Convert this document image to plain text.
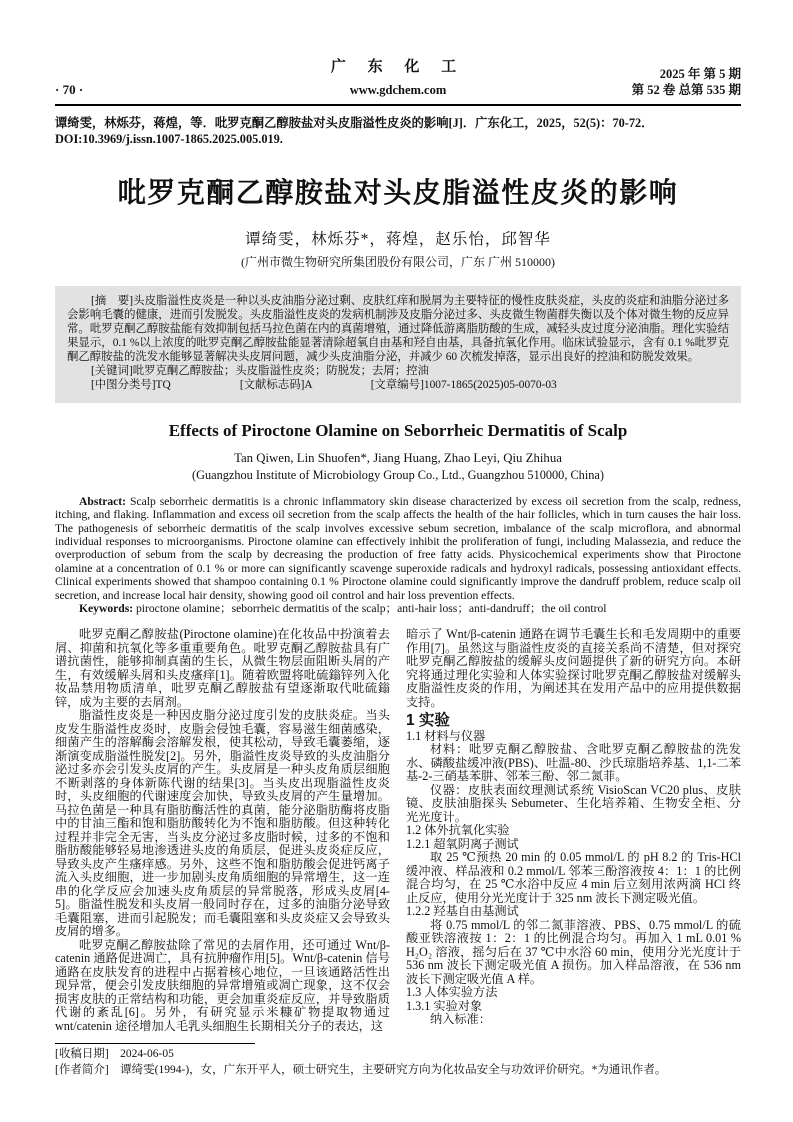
· 70 ·
广 东 化 工
www.gdchem.com
2025 年 第 5 期
第 52 卷 总第 535 期
谭绮雯，林烁芬，蒋煌，等．吡罗克酮乙醇胺盐对头皮脂溢性皮炎的影响[J]．广东化工，2025，52(5)：70-72．
DOI:10.3969/j.issn.1007-1865.2025.005.019.
吡罗克酮乙醇胺盐对头皮脂溢性皮炎的影响
谭绮雯，林烁芬*，蒋煌，赵乐怡，邱智华
(广州市微生物研究所集团股份有限公司，广东 广州 510000)

[摘　要]头皮脂溢性皮炎是一种以头皮油脂分泌过剩、皮肤红痒和脱屑为主要特征的慢性皮肤炎症，头皮的炎症和油脂分泌过多会影响毛囊的健康，进而引发脱发。头皮脂溢性皮炎的发病机制涉及皮脂分泌过多、头皮微生物菌群失衡以及个体对微生物的反应异常。吡罗克酮乙醇胺盐能有效抑制包括马拉色菌在内的真菌增殖，通过降低游离脂肪酸的生成，减轻头皮过度分泌油脂。理化实验结果显示，0.1 %以上浓度的吡罗克酮乙醇胺盐能显著清除超氧自由基和羟自由基，具备抗氧化作用。临床试验显示，含有 0.1 %吡罗克酮乙醇胺盐的洗发水能够显著解决头皮屑问题，减少头皮油脂分泌，并减少 60 次梳发掉落，显示出良好的控油和防脱发效果。

[关键词]吡罗克酮乙醇胺盐；头皮脂溢性皮炎；防脱发；去屑；控油

[中图分类号]TQ	[文献标志码]A	[文章编号]1007-1865(2025)05-0070-03
Effects of Piroctone Olamine on Seborrheic Dermatitis of Scalp
Tan Qiwen, Lin Shuofen*, Jiang Huang, Zhao Leyi, Qiu Zhihua
(Guangzhou Institute of Microbiology Group Co., Ltd., Guangzhou 510000, China)

Abstract: Scalp seborrheic dermatitis is a chronic inflammatory skin disease characterized by excess oil secretion from the scalp, redness, itching, and flaking. Inflammation and excess oil secretion from the scalp affects the health of the hair follicles, which in turn causes the hair loss. The pathogenesis of seborrheic dermatitis of the scalp involves excessive sebum secretion, imbalance of the scalp microflora, and abnormal individual responses to microorganisms. Piroctone olamine can effectively inhibit the proliferation of fungi, including Malassezia, and reduce the overproduction of sebum from the scalp by decreasing the production of free fatty acids. Physicochemical experiments show that Piroctone olamine at a concentration of 0.1 % or more can significantly scavenge superoxide radicals and hydroxyl radicals, possessing antioxidant effects. Clinical experiments showed that shampoo containing 0.1 % Piroctone olamine could significantly improve the dandruff problem, reduce scalp oil secretion, and increase local hair density, showing good oil control and hair loss prevention effects.

Keywords: piroctone olamine；seborrheic dermatitis of the scalp；anti-hair loss；anti-dandruff；the oil control

吡罗克酮乙醇胺盐(Piroctone olamine)在化妆品中扮演着去屑、抑菌和抗氧化等多重重要角色。吡罗克酮乙醇胺盐具有广谱抗菌性，能够抑制真菌的生长，从微生物层面阻断头屑的产生，有效缓解头屑和头皮瘙痒[1]。随着欧盟将吡硫鎓锌列入化妆品禁用物质清单，吡罗克酮乙醇胺盐有望逐渐取代吡硫鎓锌，成为主要的去屑剂。

脂溢性皮炎是一种因皮脂分泌过度引发的皮肤炎症。当头皮发生脂溢性皮炎时，皮脂会侵蚀毛囊，容易滋生细菌感染，细菌产生的溶解酶会溶解发根，使其松动，导致毛囊萎缩，逐渐演变成脂溢性脱发[2]。另外，脂溢性皮炎导致的头皮油脂分泌过多亦会引发头皮屑的产生。头皮屑是一种头皮角质层细胞不断剥落的身体新陈代谢的结果[3]。当头皮出现脂溢性皮炎时，头皮细胞的代谢速度会加快，导致头皮屑的产生量增加。马拉色菌是一种具有脂肪酶活性的真菌，能分泌脂肪酶将皮脂中的甘油三酯和饱和脂肪酸转化为不饱和脂肪酸。但这种转化过程并非完全无害，当头皮分泌过多皮脂时候，过多的不饱和脂肪酸能够轻易地渗透进头皮的角质层，促进头皮炎症反应，导致头皮产生瘙痒感。另外，这些不饱和脂肪酸会促进钙离子流入头皮细胞，进一步加剧头皮角质细胞的异常增生，这一连串的化学反应会加速头皮角质层的异常脱落，形成头皮屑[4-5]。脂溢性脱发和头皮屑一般同时存在，过多的油脂分泌导致毛囊阻塞，进而引起脱发；而毛囊阻塞和头皮炎症又会导致头皮屑的增多。

吡罗克酮乙醇胺盐除了常见的去屑作用，还可通过 Wnt/β-catenin 通路促进凋亡，具有抗肿瘤作用[5]。Wnt/β-catenin 信号通路在皮肤发育的进程中占据着核心地位，一旦该通路活性出现异常，便会引发皮肤细胞的异常增殖或凋亡现象，这不仅会损害皮肤的正常结构和功能，更会加重炎症反应，并导致脂质代谢的紊乱[6]。另外，有研究显示米糠矿物提取物通过 wnt/catenin 途径增加人毛乳头细胞生长期相关分子的表达，这

暗示了 Wnt/β-catenin 通路在调节毛囊生长和毛发周期中的重要作用[7]。虽然这与脂溢性皮炎的直接关系尚不清楚，但对探究吡罗克酮乙醇胺盐的缓解头皮问题提供了新的研究方向。本研究将通过理化实验和人体实验探讨吡罗克酮乙醇胺盐对缓解头皮脂溢性皮炎的作用，为阐述其在发用产品中的应用提供数据支持。

1 实验
1.1 材料与仪器

材料：吡罗克酮乙醇胺盐、含吡罗克酮乙醇胺盐的洗发水、磷酸盐缓冲液(PBS)、吐温-80、沙氏琼脂培养基、1,1-二苯基-2-三硝基苯肼、邻苯三酚、邻二氮菲。

仪器：皮肤表面纹理测试系统 VisioScan VC20 plus、皮肤镜、皮肤油脂探头 Sebumeter、生化培养箱、生物安全柜、分光光度计。

1.2 体外抗氧化实验
1.2.1 超氧阴离子测试

取 25 ℃预热 20 min 的 0.05 mmol/L 的 pH 8.2 的 Tris-HCl 缓冲液、样品液和 0.2 mmol/L 邻苯三酚溶液按 4：1：1 的比例混合均匀，在 25 ℃水浴中反应 4 min 后立刻用浓两滴 HCl 终止反应，使用分光光度计于 325 nm 波长下测定吸光值。

1.2.2 羟基自由基测试

将 0.75 mmol/L 的邻二氮菲溶液、PBS、0.75 mmol/L 的硫酸亚铁溶液按 1：2：1 的比例混合均匀。再加入 1 mL 0.01 % H₂O₂ 溶液，摇匀后在 37 ℃中水浴 60 min，使用分光光度计于 536 nm 波长下测定吸光值 A 损伤。加入样品溶液，在 536 nm 波长下测定吸光值 A 样。

1.3 人体实验方法
1.3.1 实验对象

纳入标准：

[收稿日期]　2024-06-05
[作者简介]　谭绮雯(1994-)，女，广东开平人，硕士研究生，主要研究方向为化妆品安全与功效评价研究。*为通讯作者。
